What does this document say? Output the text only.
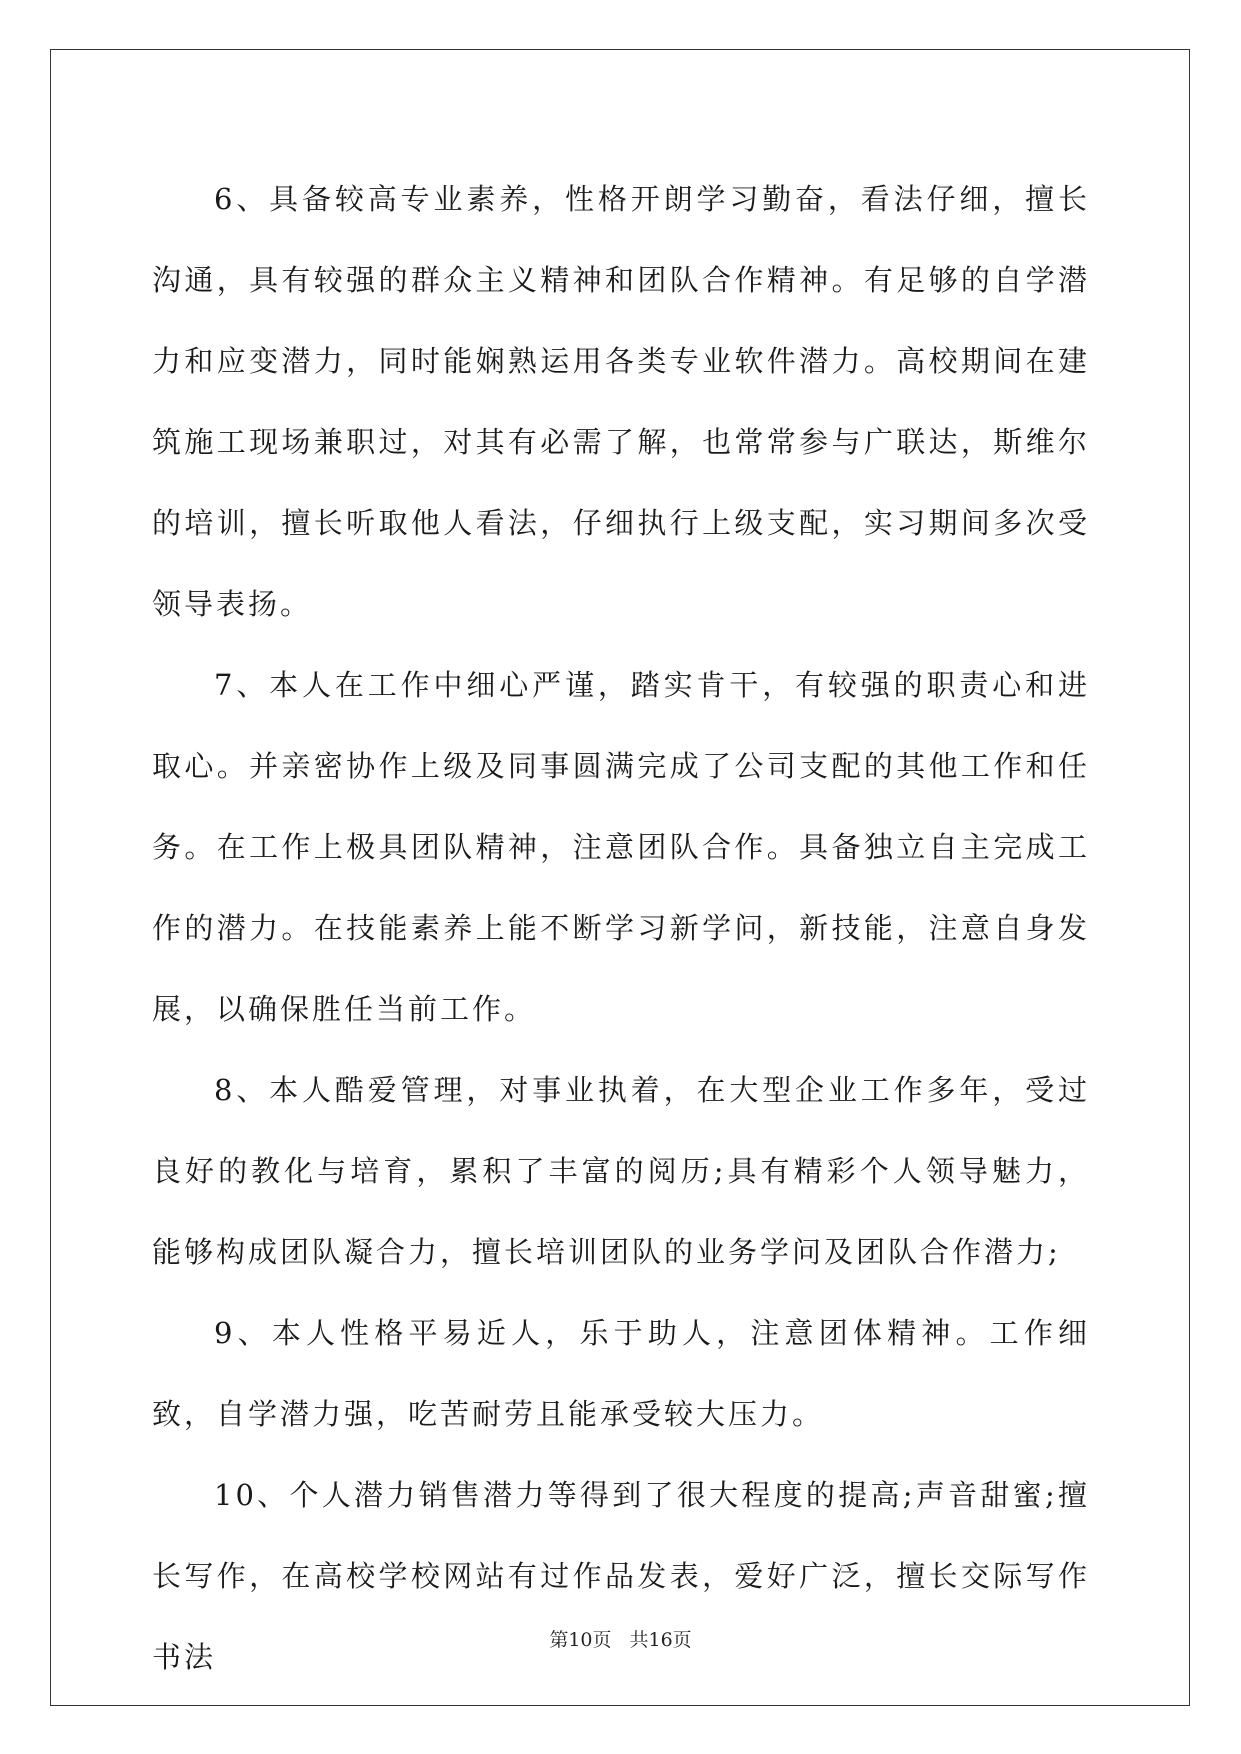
6、具备较高专业素养，性格开朗学习勤奋，看法仔细，擅长沟通，具有较强的群众主义精神和团队合作精神。有足够的自学潜力和应变潜力，同时能娴熟运用各类专业软件潜力。高校期间在建筑施工现场兼职过，对其有必需了解，也常常参与广联达，斯维尔的培训，擅长听取他人看法，仔细执行上级支配，实习期间多次受领导表扬。

7、本人在工作中细心严谨，踏实肯干，有较强的职责心和进取心。并亲密协作上级及同事圆满完成了公司支配的其他工作和任务。在工作上极具团队精神，注意团队合作。具备独立自主完成工作的潜力。在技能素养上能不断学习新学问，新技能，注意自身发展，以确保胜任当前工作。

8、本人酷爱管理，对事业执着，在大型企业工作多年，受过良好的教化与培育，累积了丰富的阅历;具有精彩个人领导魅力，能够构成团队凝合力，擅长培训团队的业务学问及团队合作潜力;

9、本人性格平易近人，乐于助人，注意团体精神。工作细致，自学潜力强，吃苦耐劳且能承受较大压力。

10、个人潜力销售潜力等得到了很大程度的提高;声音甜蜜;擅长写作，在高校学校网站有过作品发表，爱好广泛，擅长交际写作书法	第10页 共16页
